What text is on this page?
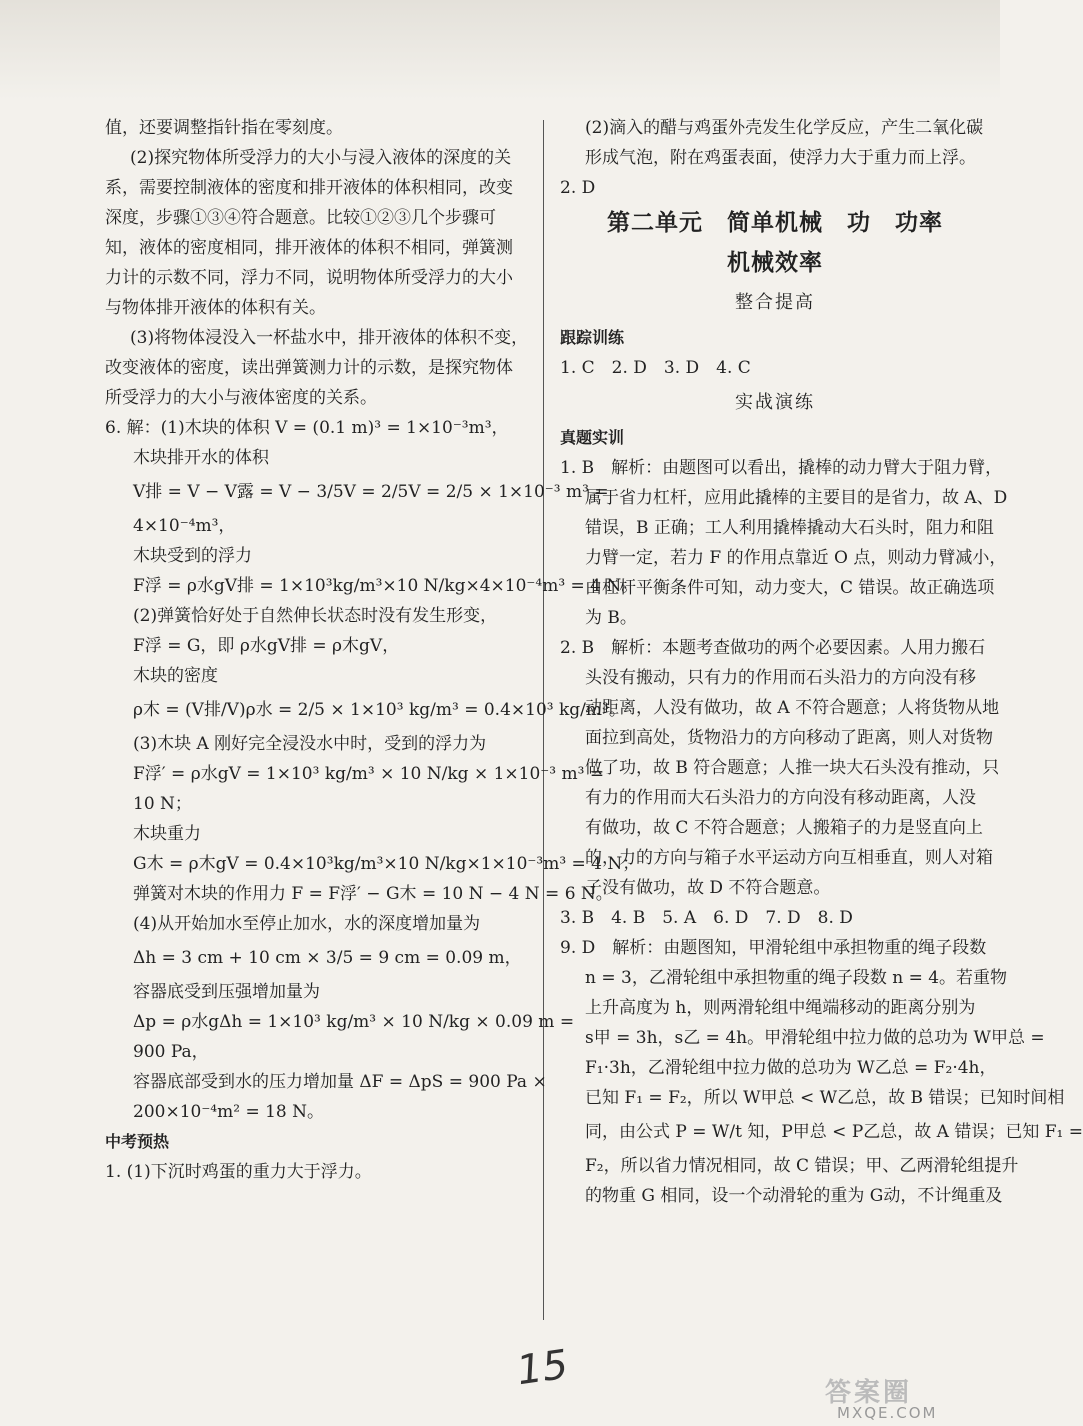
值，还要调整指针指在零刻度。
(2)探究物体所受浮力的大小与浸入液体的深度的关
系，需要控制液体的密度和排开液体的体积相同，改变
深度，步骤①③④符合题意。比较①②③几个步骤可
知，液体的密度相同，排开液体的体积不相同，弹簧测
力计的示数不同，浮力不同，说明物体所受浮力的大小
与物体排开液体的体积有关。
(3)将物体浸没入一杯盐水中，排开液体的体积不变，
改变液体的密度，读出弹簧测力计的示数，是探究物体
所受浮力的大小与液体密度的关系。
6. 解：(1)木块的体积 V = (0.1 m)³ = 1×10⁻³m³，
木块排开水的体积
V排 = V − V露 = V − 3/5V = 2/5V = 2/5 × 1×10⁻³ m³ =
4×10⁻⁴m³，
木块受到的浮力
F浮 = ρ水gV排 = 1×10³kg/m³×10 N/kg×4×10⁻⁴m³ = 4 N。
(2)弹簧恰好处于自然伸长状态时没有发生形变，
F浮 = G，即 ρ水gV排 = ρ木gV，
木块的密度
ρ木 = (V排/V)ρ水 = 2/5 × 1×10³ kg/m³ = 0.4×10³ kg/m³。
(3)木块 A 刚好完全浸没水中时，受到的浮力为
F浮′ = ρ水gV = 1×10³ kg/m³ × 10 N/kg × 1×10⁻³ m³ =
10 N；
木块重力
G木 = ρ木gV = 0.4×10³kg/m³×10 N/kg×1×10⁻³m³ = 4 N；
弹簧对木块的作用力 F = F浮′ − G木 = 10 N − 4 N = 6 N。
(4)从开始加水至停止加水，水的深度增加量为
Δh = 3 cm + 10 cm × 3/5 = 9 cm = 0.09 m，
容器底受到压强增加量为
Δp = ρ水gΔh = 1×10³ kg/m³ × 10 N/kg × 0.09 m =
900 Pa，
容器底部受到水的压力增加量 ΔF = ΔpS = 900 Pa ×
200×10⁻⁴m² = 18 N。
中考预热
1. (1)下沉时鸡蛋的重力大于浮力。
(2)滴入的醋与鸡蛋外壳发生化学反应，产生二氧化碳
形成气泡，附在鸡蛋表面，使浮力大于重力而上浮。
2. D
第二单元　简单机械　功　功率
机械效率
整合提高
跟踪训练
1. C　2. D　3. D　4. C
实战演练
真题实训
1. B　解析：由题图可以看出，撬棒的动力臂大于阻力臂，
属于省力杠杆，应用此撬棒的主要目的是省力，故 A、D
错误，B 正确；工人利用撬棒撬动大石头时，阻力和阻
力臂一定，若力 F 的作用点靠近 O 点，则动力臂减小，
由杠杆平衡条件可知，动力变大，C 错误。故正确选项
为 B。
2. B　解析：本题考查做功的两个必要因素。人用力搬石
头没有搬动，只有力的作用而石头沿力的方向没有移
动距离，人没有做功，故 A 不符合题意；人将货物从地
面拉到高处，货物沿力的方向移动了距离，则人对货物
做了功，故 B 符合题意；人推一块大石头没有推动，只
有力的作用而大石头沿力的方向没有移动距离，人没
有做功，故 C 不符合题意；人搬箱子的力是竖直向上
的，力的方向与箱子水平运动方向互相垂直，则人对箱
子没有做功，故 D 不符合题意。
3. B　4. B　5. A　6. D　7. D　8. D
9. D　解析：由题图知，甲滑轮组中承担物重的绳子段数
n = 3，乙滑轮组中承担物重的绳子段数 n = 4。若重物
上升高度为 h，则两滑轮组中绳端移动的距离分别为
s甲 = 3h，s乙 = 4h。甲滑轮组中拉力做的总功为 W甲总 =
F₁·3h，乙滑轮组中拉力做的总功为 W乙总 = F₂·4h，
已知 F₁ = F₂，所以 W甲总 < W乙总，故 B 错误；已知时间相
同，由公式 P = W/t 知，P甲总 < P乙总，故 A 错误；已知 F₁ =
F₂，所以省力情况相同，故 C 错误；甲、乙两滑轮组提升
的物重 G 相同，设一个动滑轮的重为 G动，不计绳重及
15	答案圈
MXQE.COM
